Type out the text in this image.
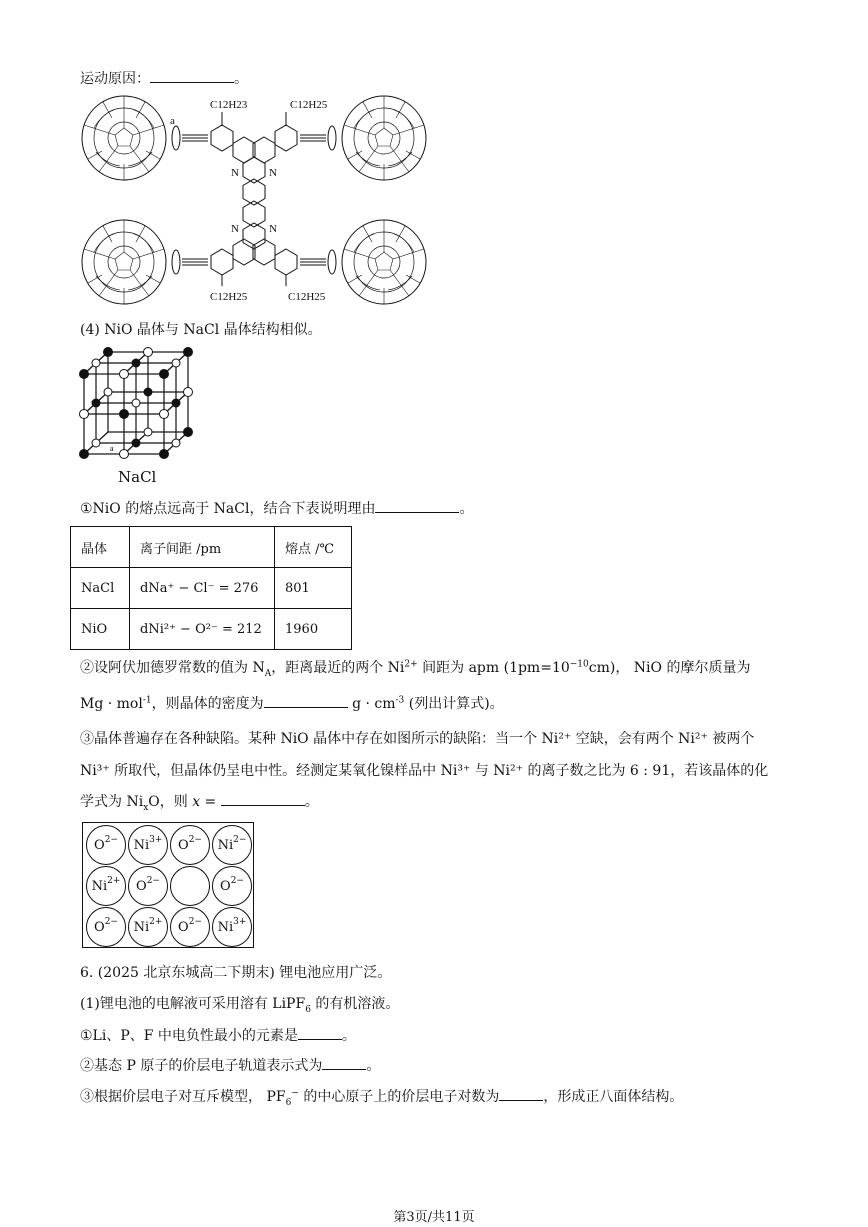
运动原因：	。
a
C12H23	C12H25
C12H25	C12H25
N	N
N	N
(4) NiO 晶体与 NaCl 晶体结构相似。
a
NaCl
①NiO 的熔点远高于 NaCl，结合下表说明理由	。
晶体	离子间距 /pm	熔点 /℃
NaCl	dNa⁺ − Cl⁻ = 276	801
NiO	dNi²⁺ − O²⁻ = 212	1960
②设阿伏加德罗常数的值为 $N_A$，距离最近的两个 $Ni^{2+}$ 间距为 apm $(1pm=10^{-10}cm)$， NiO 的摩尔质量为
Mg · mol$^{-1}$，则晶体的密度为	$g \cdot cm^{-3}$ (列出计算式)。
③晶体普遍存在各种缺陷。某种 NiO 晶体中存在如图所示的缺陷：当一个 Ni²⁺ 空缺，会有两个 Ni²⁺ 被两个
Ni³⁺ 所取代，但晶体仍呈电中性。经测定某氧化镍样品中 Ni³⁺ 与 Ni²⁺ 的离子数之比为 6 : 91，若该晶体的化
学式为 $Ni_xO$，则 x =	。
$O^{2-}$ $Ni^{3+}$ $O^{2-}$ $Ni^{2-}$
$Ni^{2+}$ $O^{2-}$	$O^{2-}$
$O^{2-}$ $Ni^{2+}$ $O^{2-}$ $Ni^{3+}$
6. (2025 北京东城高二下期末) 锂电池应用广泛。
(1)锂电池的电解液可采用溶有 LiPF$_6$ 的有机溶液。
①Li、P、F 中电负性最小的元素是	。
②基态 P 原子的价层电子轨道表示式为	。
③根据价层电子对互斥模型， $PF_6^-$ 的中心原子上的价层电子对数为	，形成正八面体结构。
第3页/共11页
